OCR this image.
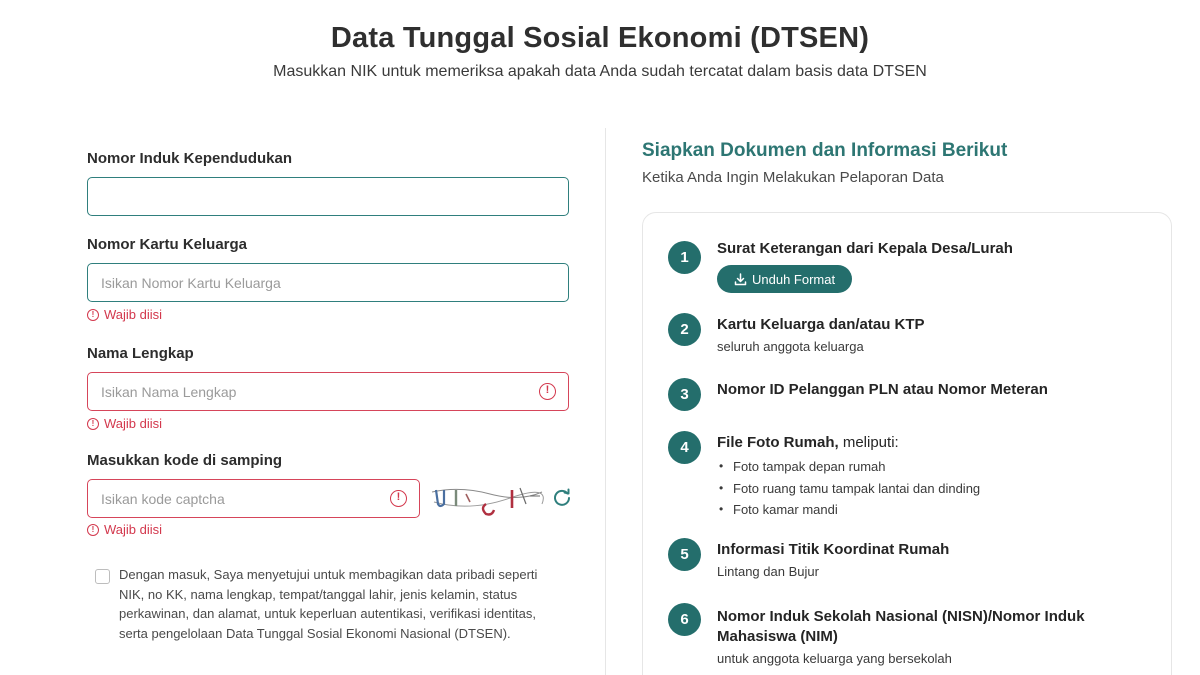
Data Tunggal Sosial Ekonomi (DTSEN)
Masukkan NIK untuk memeriksa apakah data Anda sudah tercatat dalam basis data DTSEN
Nomor Induk Kependudukan
Nomor Kartu Keluarga
Isikan Nomor Kartu Keluarga
! Wajib diisi
Nama Lengkap
Isikan Nama Lengkap
!
! Wajib diisi
Masukkan kode di samping
Isikan kode captcha
!
! Wajib diisi
Dengan masuk, Saya menyetujui untuk membagikan data pribadi seperti NIK, no KK, nama lengkap, tempat/tanggal lahir, jenis kelamin, status perkawinan, dan alamat, untuk keperluan autentikasi, verifikasi identitas, serta pengelolaan Data Tunggal Sosial Ekonomi Nasional (DTSEN).
Siapkan Dokumen dan Informasi Berikut
Ketika Anda Ingin Melakukan Pelaporan Data
1
Surat Keterangan dari Kepala Desa/Lurah
Unduh Format
2	Kartu Keluarga dan/atau KTP
seluruh anggota keluarga
3	Nomor ID Pelanggan PLN atau Nomor Meteran
4	File Foto Rumah, meliputi:
• Foto tampak depan rumah
• Foto ruang tamu tampak lantai dan dinding
• Foto kamar mandi
5	Informasi Titik Koordinat Rumah
Lintang dan Bujur
6	Nomor Induk Sekolah Nasional (NISN)/Nomor Induk Mahasiswa (NIM)
untuk anggota keluarga yang bersekolah
